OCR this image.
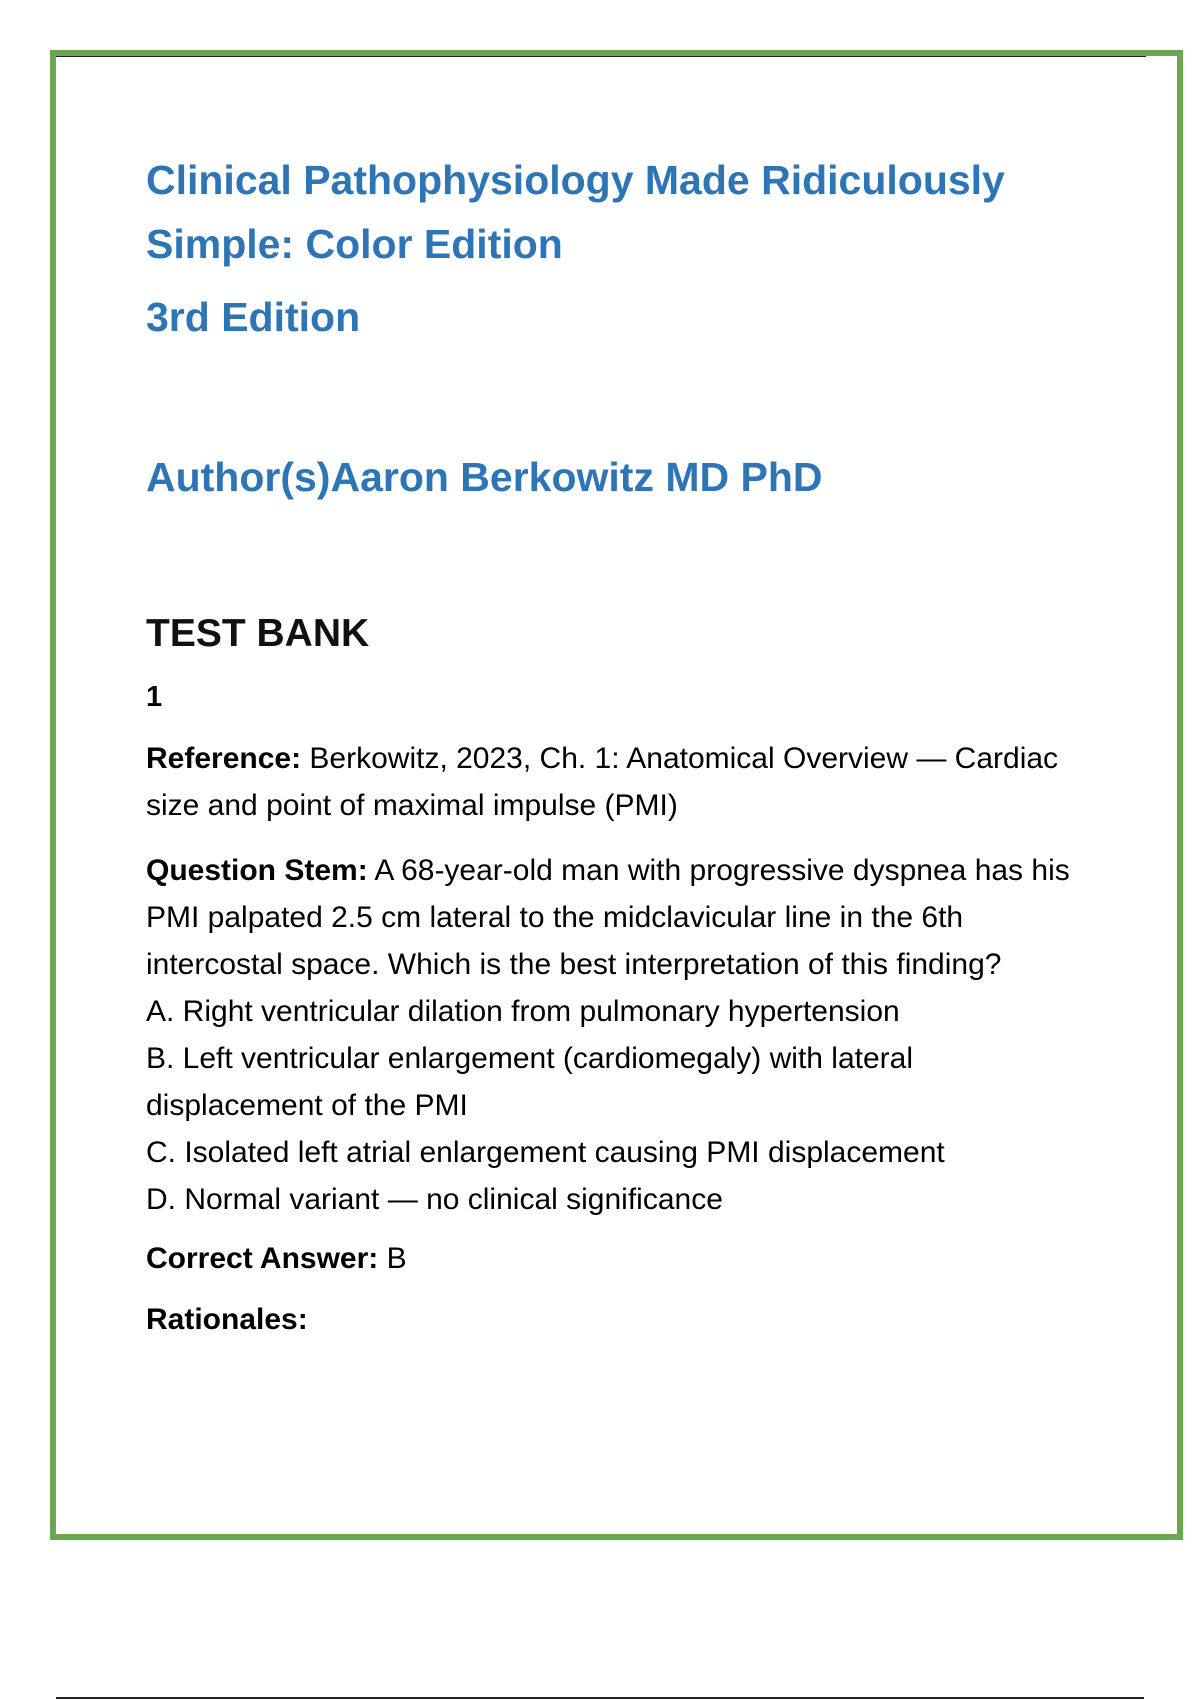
Clinical Pathophysiology Made Ridiculously
Simple: Color Edition
3rd Edition
Author(s)Aaron Berkowitz MD PhD
TEST BANK
1
Reference: Berkowitz, 2023, Ch. 1: Anatomical Overview — Cardiac size and point of maximal impulse (PMI)
Question Stem: A 68-year-old man with progressive dyspnea has his PMI palpated 2.5 cm lateral to the midclavicular line in the 6th intercostal space. Which is the best interpretation of this finding?
A. Right ventricular dilation from pulmonary hypertension
B. Left ventricular enlargement (cardiomegaly) with lateral displacement of the PMI
C. Isolated left atrial enlargement causing PMI displacement
D. Normal variant — no clinical significance
Correct Answer: B
Rationales:
